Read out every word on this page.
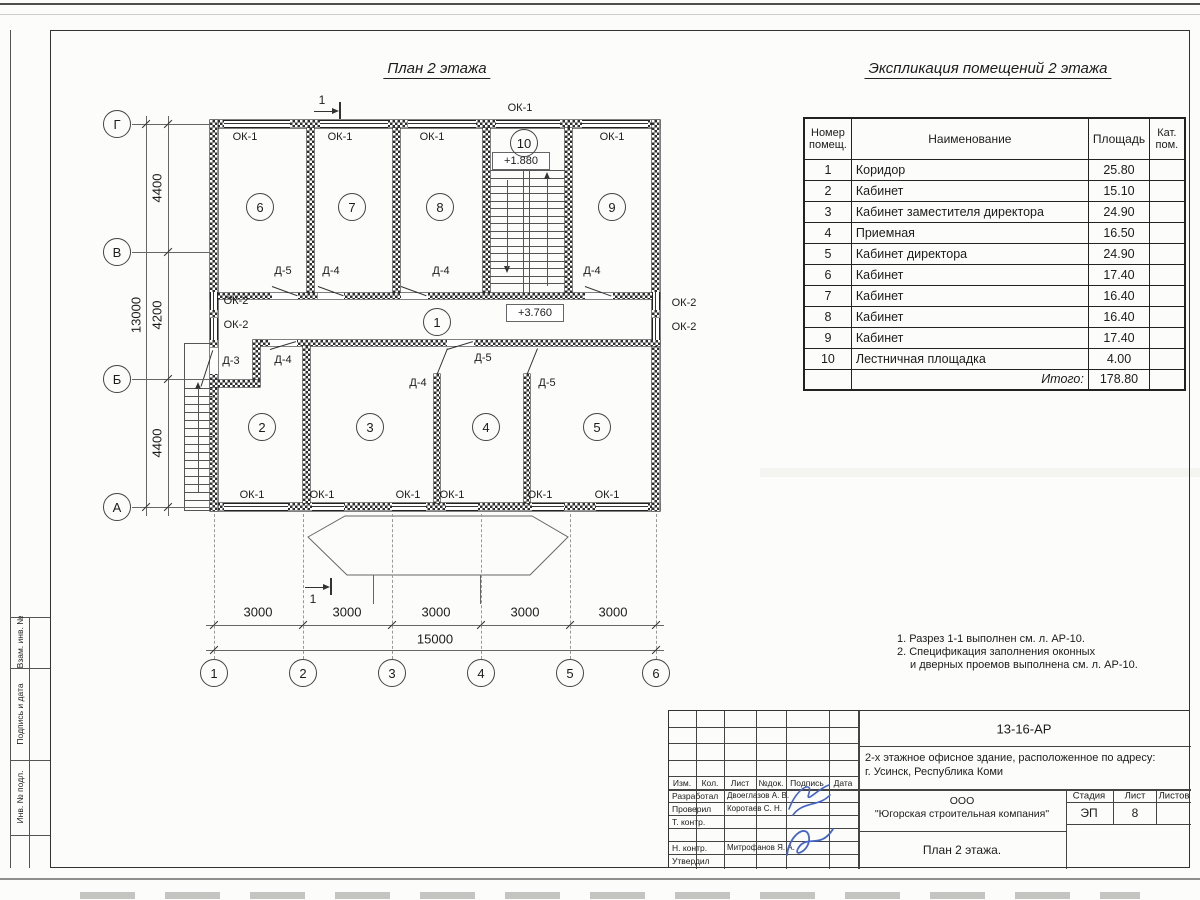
Взам. инв. №
Подпись и дата
Инв. № подл.
План 2 этажа	Экспликация помещений 2 этажа
+1.880
+3.760
1
1
15000
13000	1
2	3	4	5
6	7	8	9
10
1	2	3	4	5	6
Г
В
Б
А
3000	3000	3000	3000	3000
4400
4200
4400
ОК-1	ОК-1	ОК-1	ОК-1
ОК-1
ОК-1	ОК-1	ОК-1 ОК-1	ОК-1	ОК-1
ОК-2
ОК-2
ОК-2
ОК-2
Д-5
Д-5
Д-5
Д-4	Д-4	Д-4
Д-4
Д-4
Д-3
1. Разрез 1-1 выполнен см. л. АР-10.
2. Спецификация заполнения оконных
и дверных проемов выполнена см. л. АР-10.
Номер помещ.	Наименование	Площадь	Кат. пом.
1	Коридор	25.80	
2	Кабинет	15.10	
3	Кабинет заместителя директора	24.90	
4	Приемная	16.50	
5	Кабинет директора	24.90	
6	Кабинет	17.40	
7	Кабинет	16.40	
8	Кабинет	16.40	
9	Кабинет	17.40	
10	Лестничная площадка	4.00	
	Итого:	178.80	
Изм. Кол. Лист №док. Подпись Дата
Разработал Двоеглазов А. В.
Проверил Коротаев С. Н.
Т. контр.
Н. контр. Митрофанов Я. А.
Утвердил
13-16-АР
2-х этажное офисное здание, расположенное по адресу:
г. Усинск, Республика Коми
ООО
"Югорская строительная компания"
Стадия Лист Листов
ЭП	8
План 2 этажа.
